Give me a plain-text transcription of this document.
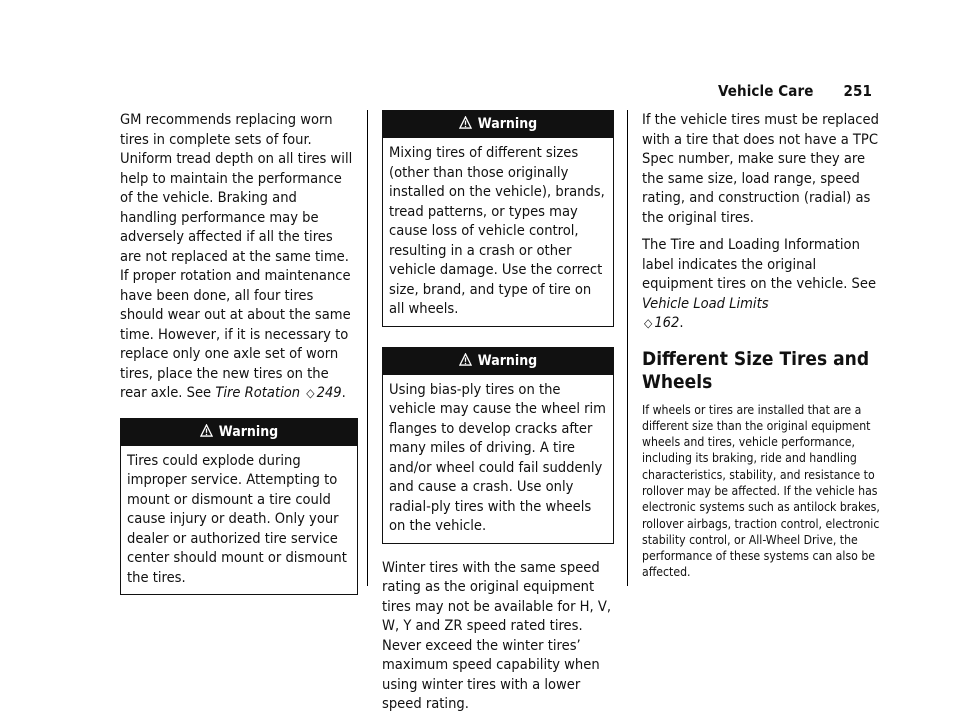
Vehicle Care 251

GM recommends replacing worn tires in complete sets of four. Uniform tread depth on all tires will help to maintain the performance of the vehicle. Braking and handling performance may be adversely affected if all the tires are not replaced at the same time. If proper rotation and maintenance have been done, all four tires should wear out at about the same time. However, if it is necessary to replace only one axle set of worn tires, place the new tires on the rear axle. See Tire Rotation ◇ 249.

Warning
Tires could explode during improper service. Attempting to mount or dismount a tire could cause injury or death. Only your dealer or authorized tire service center should mount or dismount the tires.
Warning
Mixing tires of different sizes (other than those originally installed on the vehicle), brands, tread patterns, or types may cause loss of vehicle control, resulting in a crash or other vehicle damage. Use the correct size, brand, and type of tire on all wheels.
Warning
Using bias-ply tires on the vehicle may cause the wheel rim flanges to develop cracks after many miles of driving. A tire and/or wheel could fail suddenly and cause a crash. Use only radial-ply tires with the wheels on the vehicle.

Winter tires with the same speed rating as the original equipment tires may not be available for H, V, W, Y and ZR speed rated tires. Never exceed the winter tires’ maximum speed capability when using winter tires with a lower speed rating.

If the vehicle tires must be replaced with a tire that does not have a TPC Spec number, make sure they are the same size, load range, speed rating, and construction (radial) as the original tires.

The Tire and Loading Information label indicates the original equipment tires on the vehicle. See Vehicle Load Limits
◇ 162.

Different Size Tires and Wheels

If wheels or tires are installed that are a different size than the original equipment wheels and tires, vehicle performance, including its braking, ride and handling characteristics, stability, and resistance to rollover may be affected. If the vehicle has electronic systems such as antilock brakes, rollover airbags, traction control, electronic stability control, or All-Wheel Drive, the performance of these systems can also be affected.
